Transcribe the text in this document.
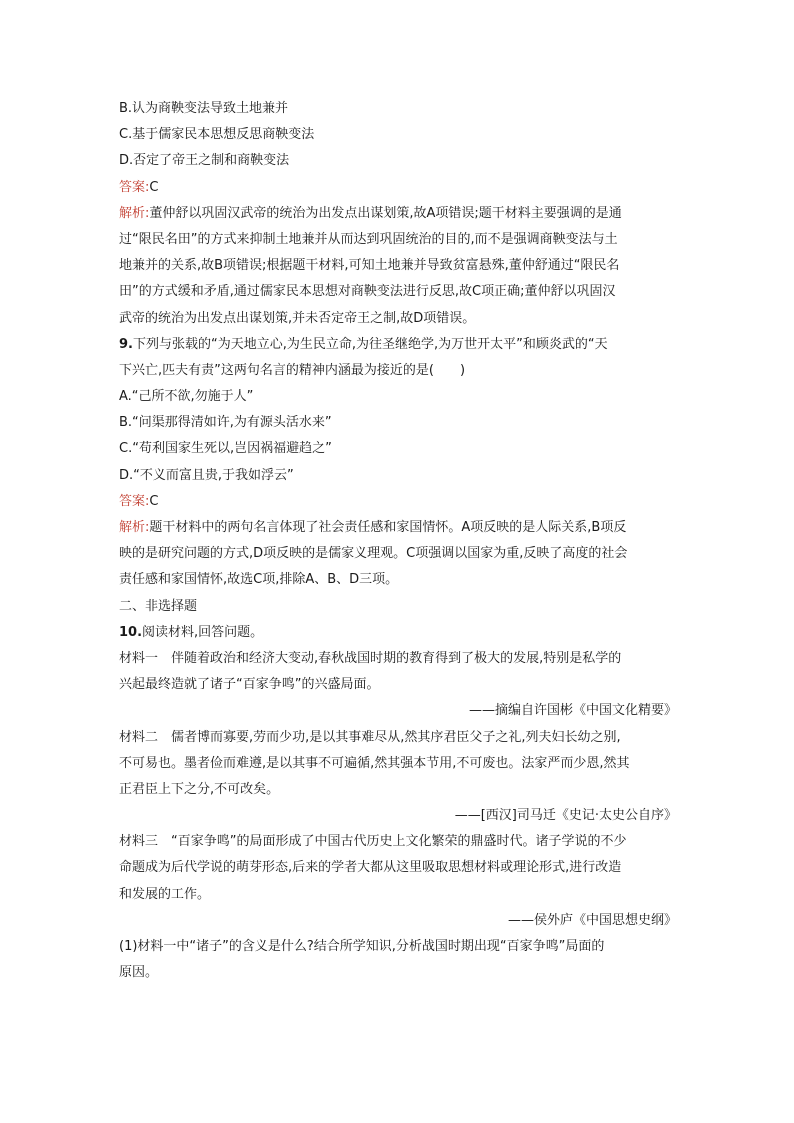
B.认为商鞅变法导致土地兼并
C.基于儒家民本思想反思商鞅变法
D.否定了帝王之制和商鞅变法
答案:C
解析:董仲舒以巩固汉武帝的统治为出发点出谋划策,故A项错误;题干材料主要强调的是通
过“限民名田”的方式来抑制土地兼并从而达到巩固统治的目的,而不是强调商鞅变法与土
地兼并的关系,故B项错误;根据题干材料,可知土地兼并导致贫富悬殊,董仲舒通过“限民名
田”的方式缓和矛盾,通过儒家民本思想对商鞅变法进行反思,故C项正确;董仲舒以巩固汉
武帝的统治为出发点出谋划策,并未否定帝王之制,故D项错误。
9.下列与张载的“为天地立心,为生民立命,为往圣继绝学,为万世开太平”和顾炎武的“天
下兴亡,匹夫有责”这两句名言的精神内涵最为接近的是(　　)
A.“己所不欲,勿施于人”
B.“问渠那得清如许,为有源头活水来”
C.“苟利国家生死以,岂因祸福避趋之”
D.“不义而富且贵,于我如浮云”
答案:C
解析:题干材料中的两句名言体现了社会责任感和家国情怀。A项反映的是人际关系,B项反
映的是研究问题的方式,D项反映的是儒家义理观。C项强调以国家为重,反映了高度的社会
责任感和家国情怀,故选C项,排除A、B、D三项。
二、非选择题
10.阅读材料,回答问题。
材料一　伴随着政治和经济大变动,春秋战国时期的教育得到了极大的发展,特别是私学的
兴起最终造就了诸子“百家争鸣”的兴盛局面。
——摘编自许国彬《中国文化精要》
材料二　儒者博而寡要,劳而少功,是以其事难尽从,然其序君臣父子之礼,列夫妇长幼之别,
不可易也。墨者俭而难遵,是以其事不可遍循,然其强本节用,不可废也。法家严而少恩,然其
正君臣上下之分,不可改矣。
——[西汉]司马迁《史记·太史公自序》
材料三　“百家争鸣”的局面形成了中国古代历史上文化繁荣的鼎盛时代。诸子学说的不少
命题成为后代学说的萌芽形态,后来的学者大都从这里吸取思想材料或理论形式,进行改造
和发展的工作。
——侯外庐《中国思想史纲》
(1)材料一中“诸子”的含义是什么?结合所学知识,分析战国时期出现“百家争鸣”局面的
原因。
